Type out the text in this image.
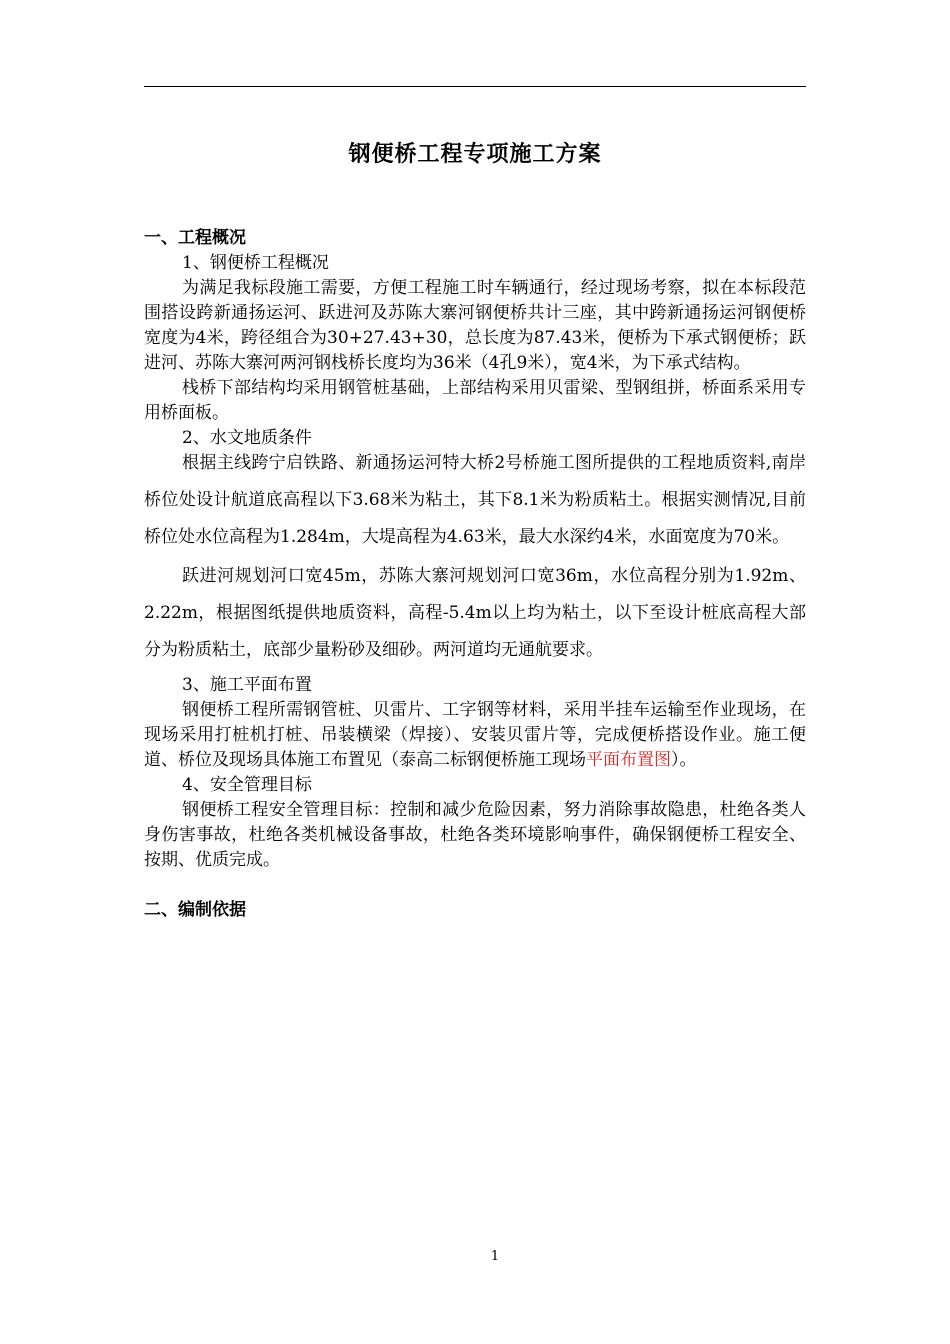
钢便桥工程专项施工方案

一、工程概况

1、钢便桥工程概况

为满足我标段施工需要，方便工程施工时车辆通行，经过现场考察，拟在本标段范围搭设跨新通扬运河、跃进河及苏陈大寨河钢便桥共计三座，其中跨新通扬运河钢便桥宽度为4米，跨径组合为30+27.43+30，总长度为87.43米，便桥为下承式钢便桥；跃进河、苏陈大寨河两河钢栈桥长度均为36米（4孔9米），宽4米，为下承式结构。

栈桥下部结构均采用钢管桩基础，上部结构采用贝雷梁、型钢组拼，桥面系采用专用桥面板。

2、水文地质条件

根据主线跨宁启铁路、新通扬运河特大桥2号桥施工图所提供的工程地质资料,南岸桥位处设计航道底高程以下3.68米为粘土，其下8.1米为粉质粘土。根据实测情况,目前桥位处水位高程为1.284m，大堤高程为4.63米，最大水深约4米，水面宽度为70米。

跃进河规划河口宽45m，苏陈大寨河规划河口宽36m，水位高程分别为1.92m、2.22m，根据图纸提供地质资料，高程-5.4m以上均为粘土，以下至设计桩底高程大部分为粉质粘土，底部少量粉砂及细砂。两河道均无通航要求。

3、施工平面布置

钢便桥工程所需钢管桩、贝雷片、工字钢等材料，采用半挂车运输至作业现场，在现场采用打桩机打桩、吊装横梁（焊接）、安装贝雷片等，完成便桥搭设作业。施工便道、桥位及现场具体施工布置见（泰高二标钢便桥施工现场平面布置图）。

4、安全管理目标

钢便桥工程安全管理目标：控制和减少危险因素，努力消除事故隐患，杜绝各类人身伤害事故，杜绝各类机械设备事故，杜绝各类环境影响事件，确保钢便桥工程安全、按期、优质完成。

二、编制依据

1
